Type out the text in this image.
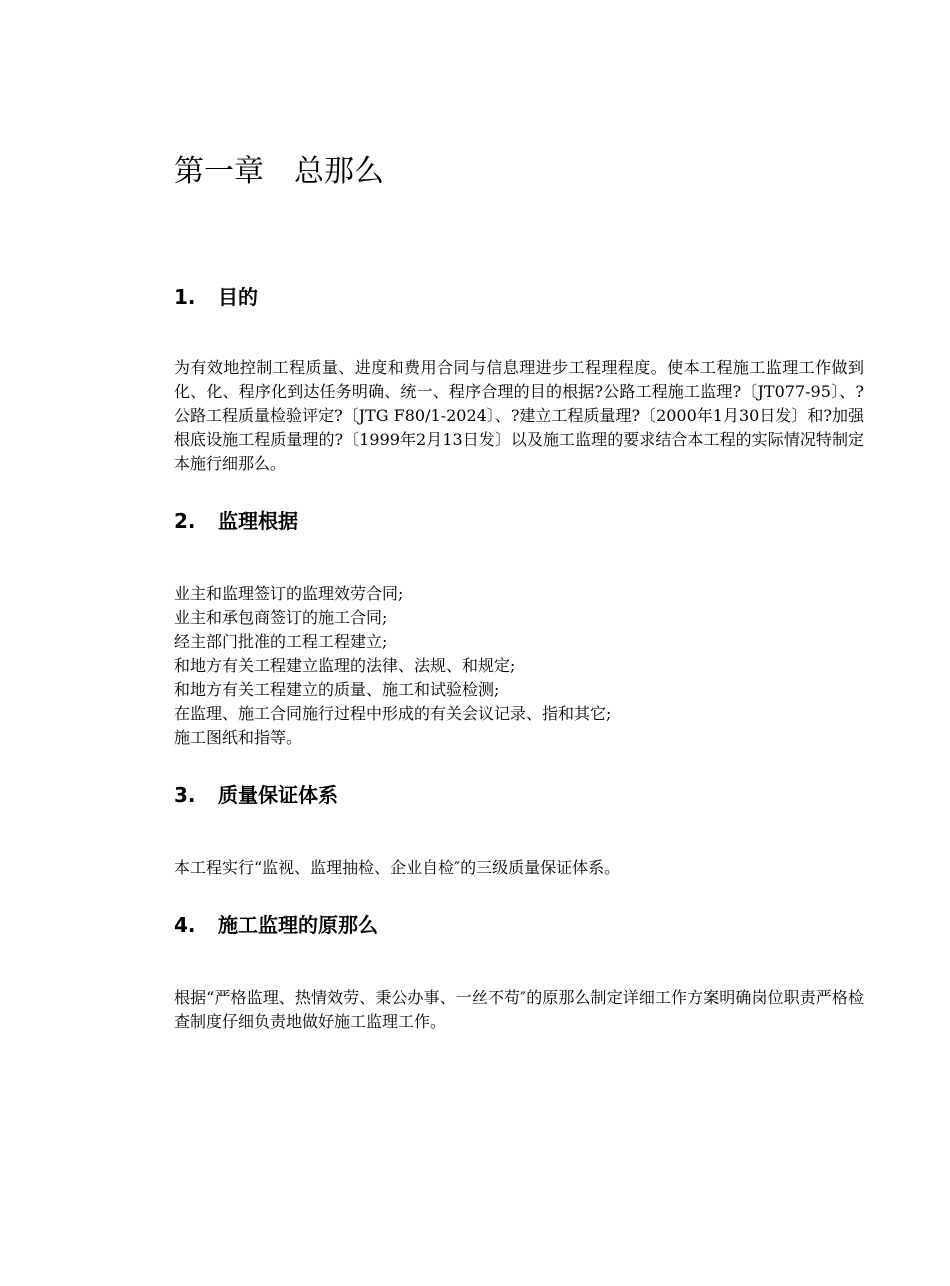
第一章　总那么
1.	目的

为有效地控制工程质量、进度和费用合同与信息理进步工程理程度。使本工程施工监理工作做到化、化、程序化到达任务明确、统一、程序合理的目的根据?公路工程施工监理?〔JT077-95〕、?公路工程质量检验评定?〔JTG F80/1-2024〕、?建立工程质量理?〔2000年1月30日发〕和?加强根底设施工程质量理的?〔1999年2月13日发〕以及施工监理的要求结合本工程的实际情况特制定本施行细那么。

2.	监理根据

业主和监理签订的监理效劳合同;

业主和承包商签订的施工合同;

经主部门批准的工程工程建立;

和地方有关工程建立监理的法律、法规、和规定;

和地方有关工程建立的质量、施工和试验检测;

在监理、施工合同施行过程中形成的有关会议记录、指和其它;

施工图纸和指等。

3.	质量保证体系

本工程实行“监视、监理抽检、企业自检″的三级质量保证体系。

4.	施工监理的原那么

根据“严格监理、热情效劳、秉公办事、一丝不苟″的原那么制定详细工作方案明确岗位职责严格检查制度仔细负责地做好施工监理工作。
